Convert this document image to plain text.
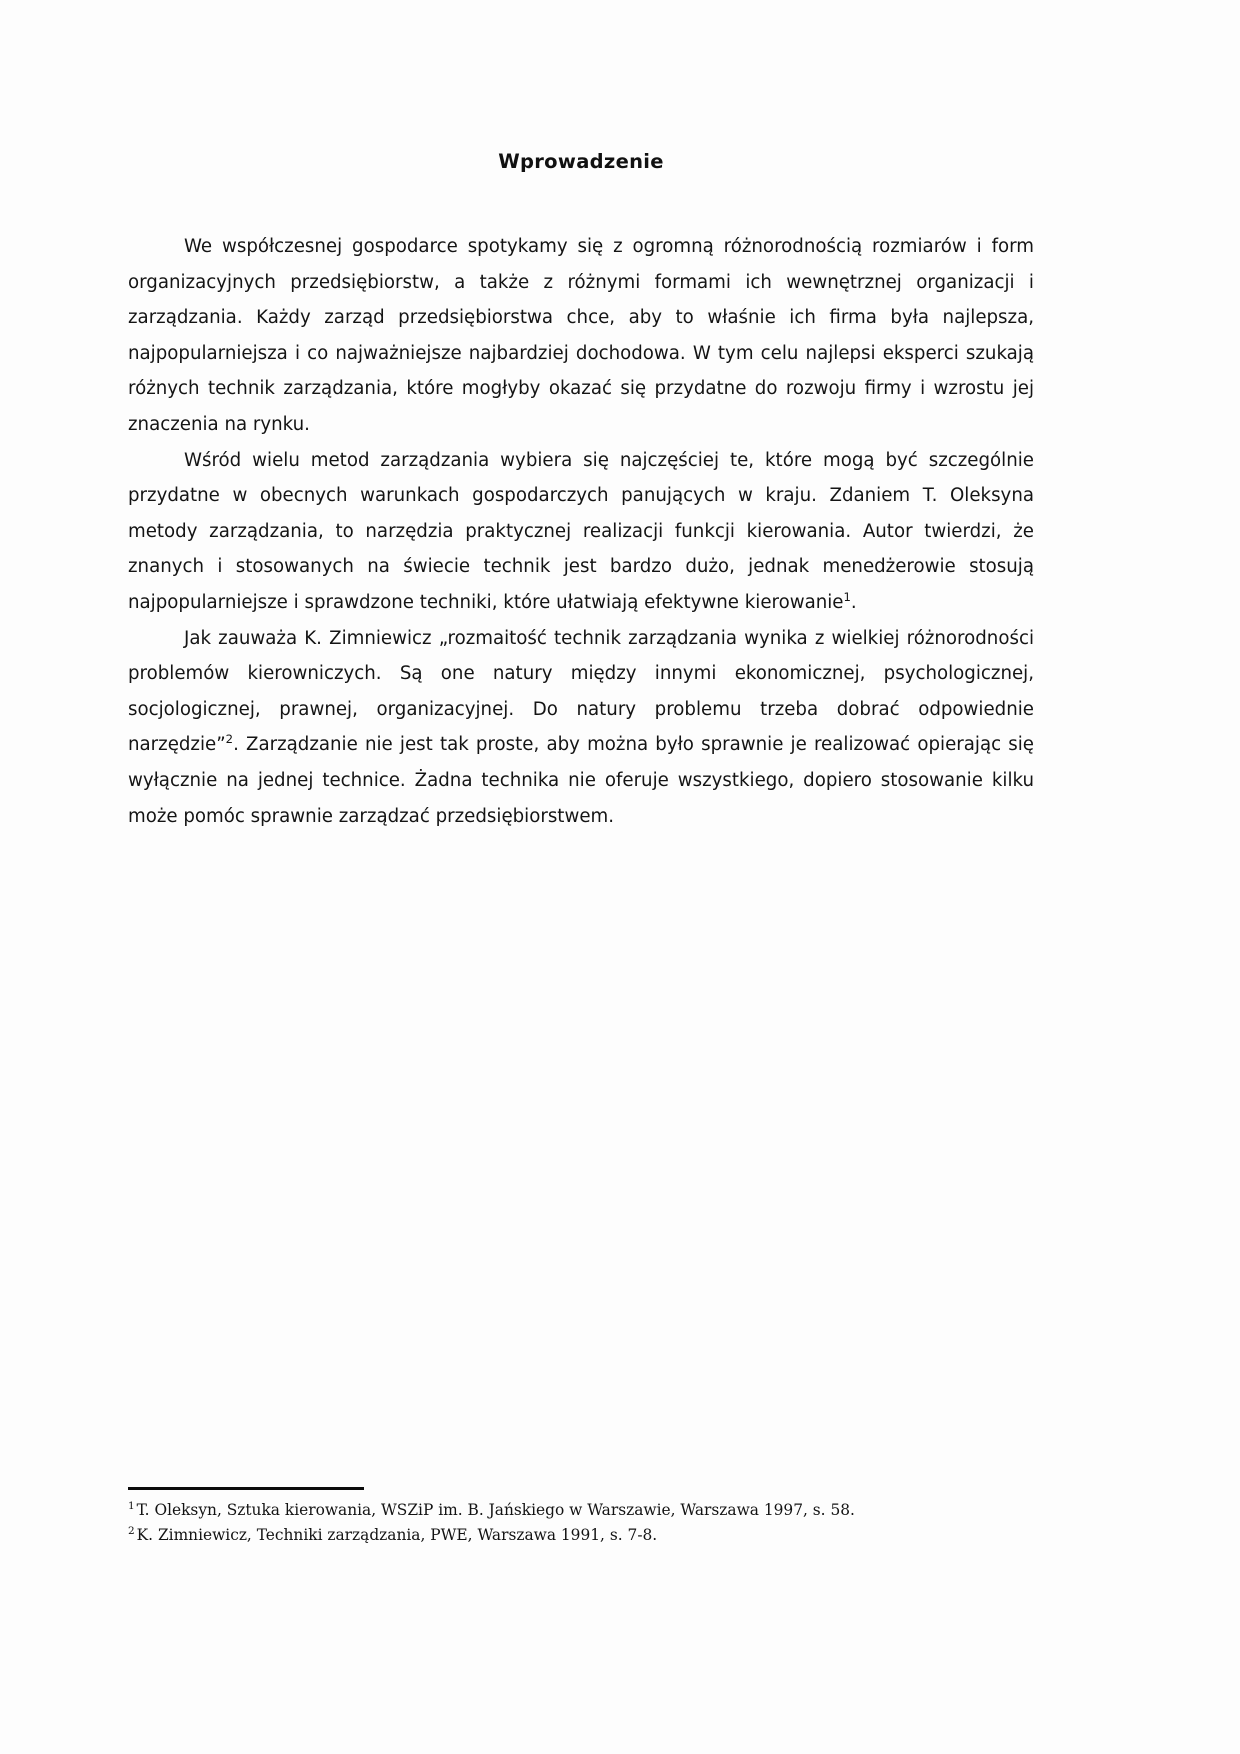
Wprowadzenie

We współczesnej gospodarce spotykamy się z ogromną różnorodnością rozmiarów i form organizacyjnych przedsiębiorstw, a także z różnymi formami ich wewnętrznej organizacji i zarządzania. Każdy zarząd przedsiębiorstwa chce, aby to właśnie ich firma była najlepsza, najpopularniejsza i co najważniejsze najbardziej dochodowa. W tym celu najlepsi eksperci szukają różnych technik zarządzania, które mogłyby okazać się przydatne do rozwoju firmy i wzrostu jej znaczenia na rynku.

Wśród wielu metod zarządzania wybiera się najczęściej te, które mogą być szczególnie przydatne w obecnych warunkach gospodarczych panujących w kraju. Zdaniem T. Oleksyna metody zarządzania, to narzędzia praktycznej realizacji funkcji kierowania. Autor twierdzi, że znanych i stosowanych na świecie technik jest bardzo dużo, jednak menedżerowie stosują najpopularniejsze i sprawdzone techniki, które ułatwiają efektywne kierowanie$^1$.

Jak zauważa K. Zimniewicz „rozmaitość technik zarządzania wynika z wielkiej różnorodności problemów kierowniczych. Są one natury między innymi ekonomicznej, psychologicznej, socjologicznej, prawnej, organizacyjnej. Do natury problemu trzeba dobrać odpowiednie narzędzie”$^2$. Zarządzanie nie jest tak proste, aby można było sprawnie je realizować opierając się wyłącznie na jednej technice. Żadna technika nie oferuje wszystkiego, dopiero stosowanie kilku może pomóc sprawnie zarządzać przedsiębiorstwem.

$^1$ T. Oleksyn, Sztuka kierowania, WSZiP im. B. Jańskiego w Warszawie, Warszawa 1997, s. 58.

$^2$ K. Zimniewicz, Techniki zarządzania, PWE, Warszawa 1991, s. 7-8.
